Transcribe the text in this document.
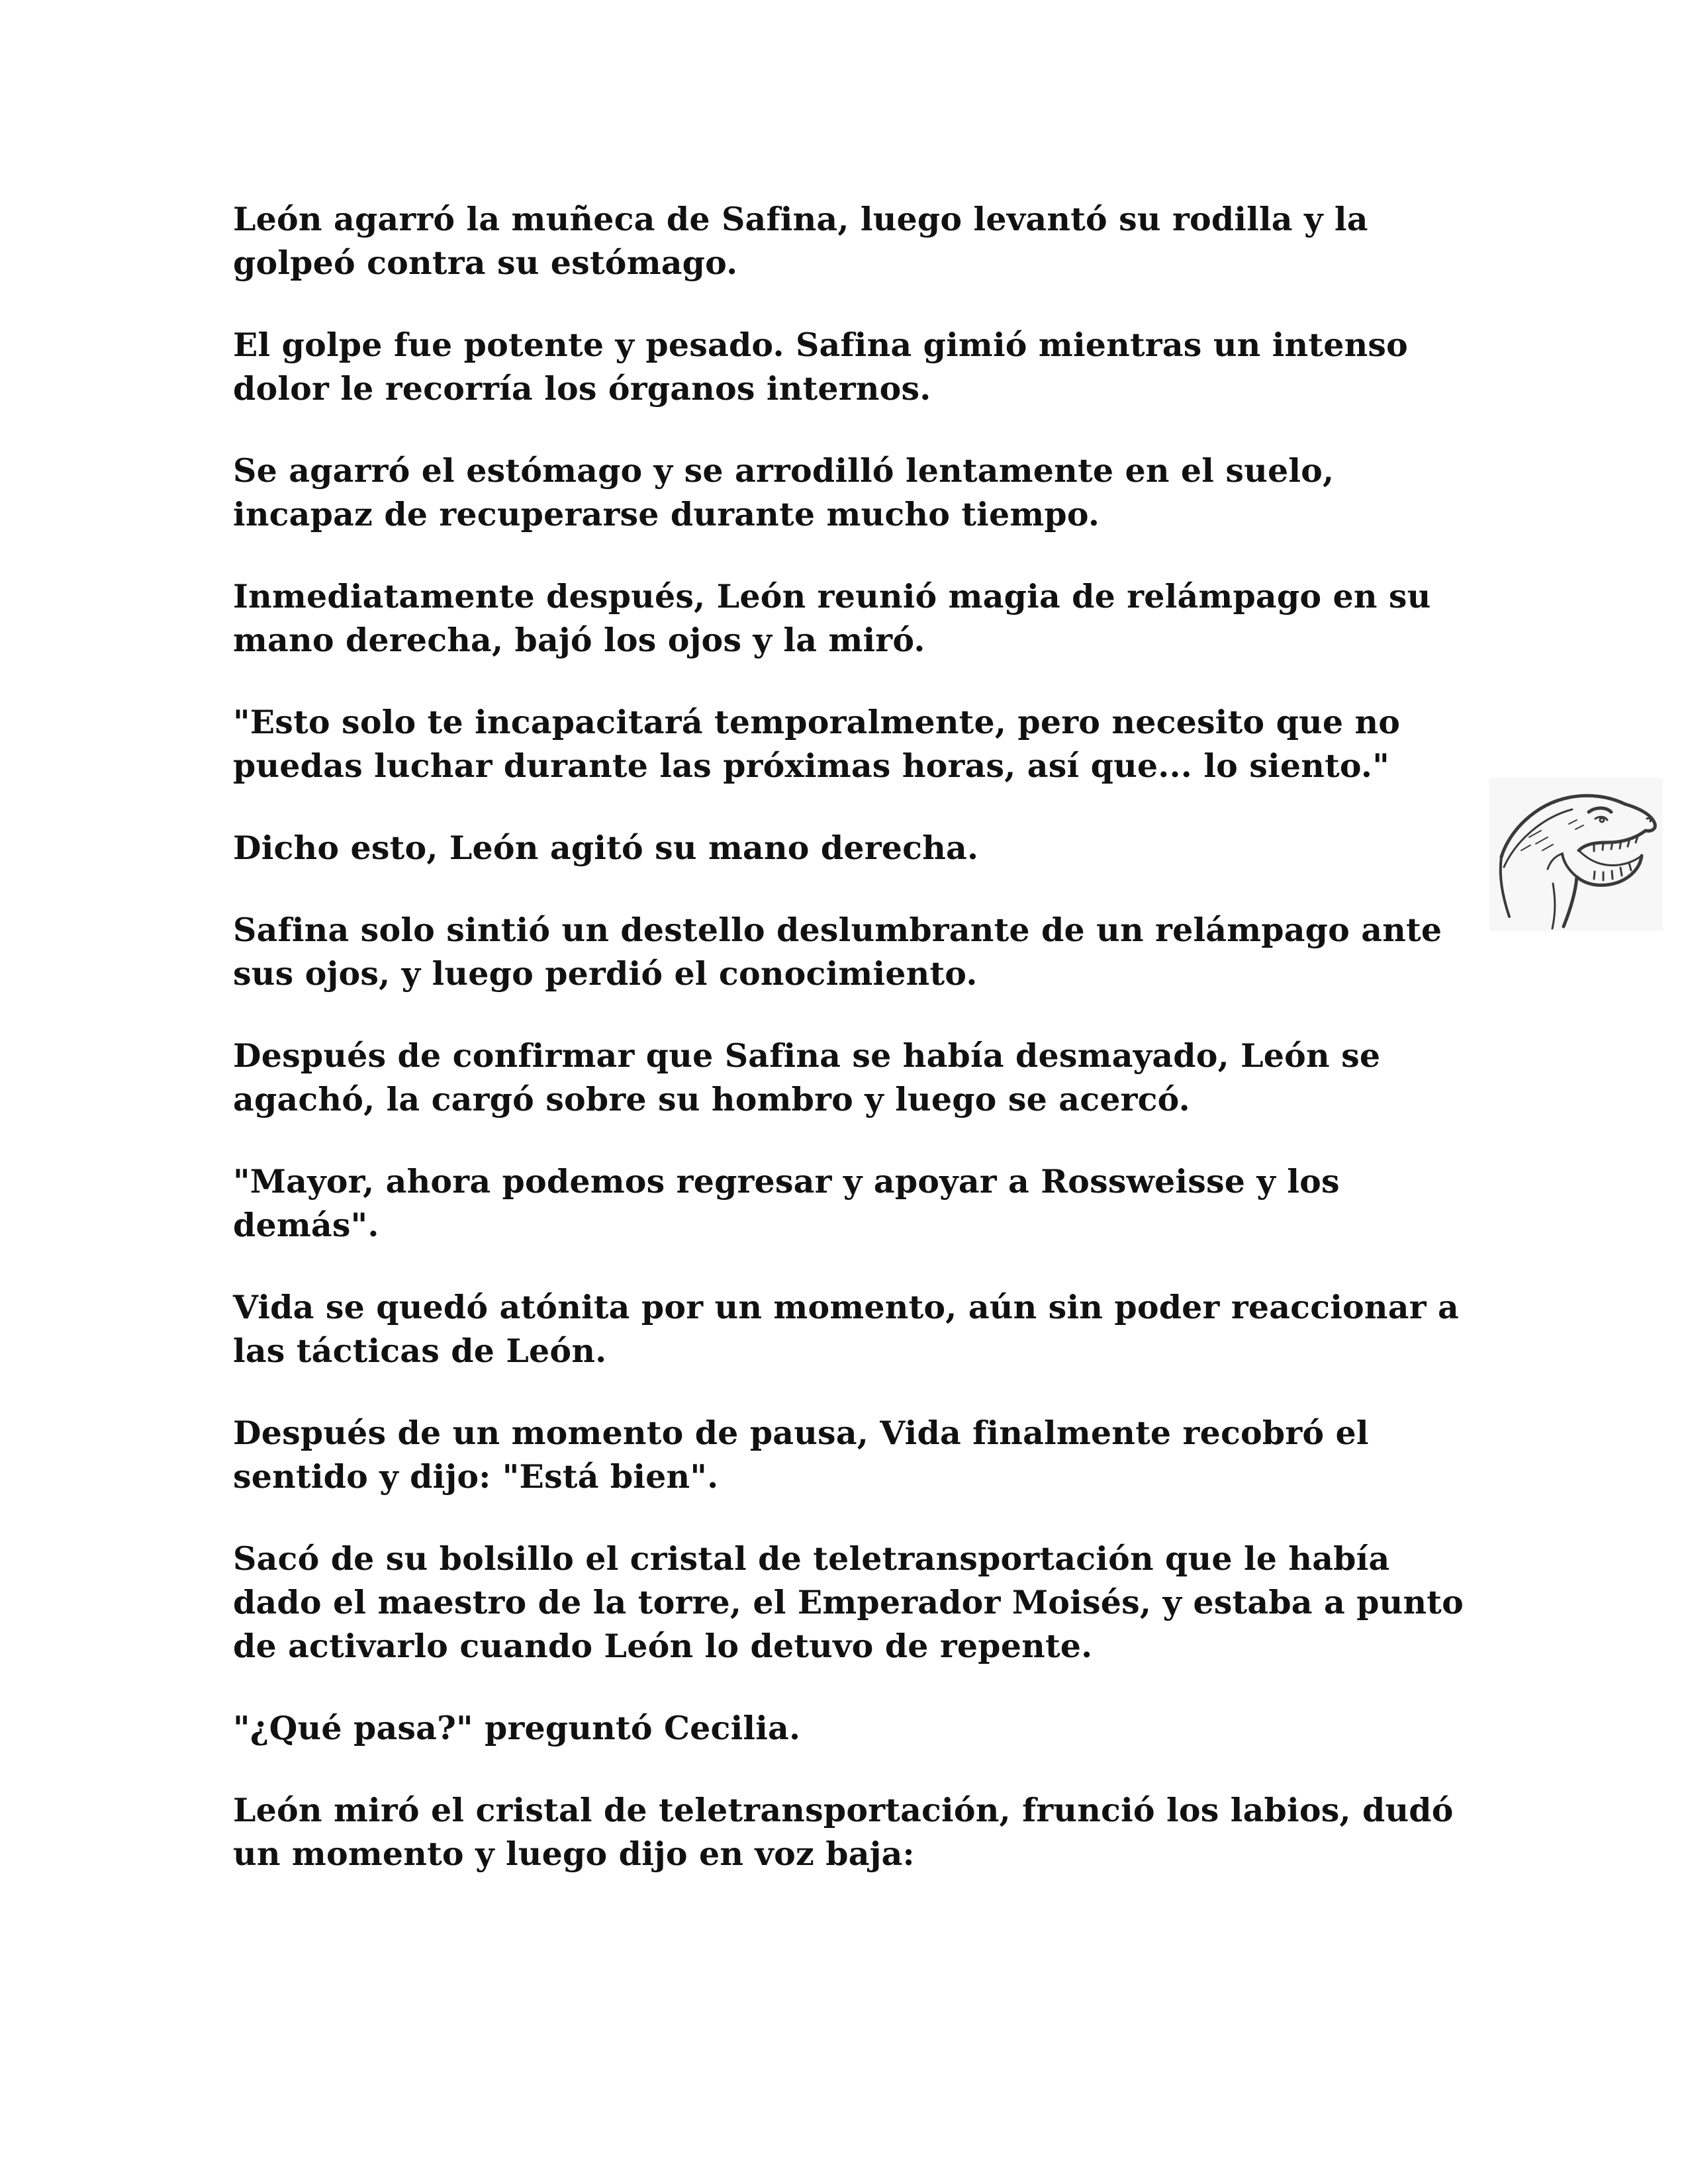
León agarró la muñeca de Safina, luego levantó su rodilla y la golpeó contra su estómago.

El golpe fue potente y pesado. Safina gimió mientras un intenso dolor le recorría los órganos internos.

Se agarró el estómago y se arrodilló lentamente en el suelo, incapaz de recuperarse durante mucho tiempo.

Inmediatamente después, León reunió magia de relámpago en su mano derecha, bajó los ojos y la miró.

"Esto solo te incapacitará temporalmente, pero necesito que no puedas luchar durante las próximas horas, así que... lo siento."

Dicho esto, León agitó su mano derecha.

Safina solo sintió un destello deslumbrante de un relámpago ante sus ojos, y luego perdió el conocimiento.

Después de confirmar que Safina se había desmayado, León se agachó, la cargó sobre su hombro y luego se acercó.

"Mayor, ahora podemos regresar y apoyar a Rossweisse y los demás".

Vida se quedó atónita por un momento, aún sin poder reaccionar a las tácticas de León.

Después de un momento de pausa, Vida finalmente recobró el sentido y dijo: "Está bien".

Sacó de su bolsillo el cristal de teletransportación que le había dado el maestro de la torre, el Emperador Moisés, y estaba a punto de activarlo cuando León lo detuvo de repente.

"¿Qué pasa?" preguntó Cecilia.

León miró el cristal de teletransportación, frunció los labios, dudó un momento y luego dijo en voz baja:
